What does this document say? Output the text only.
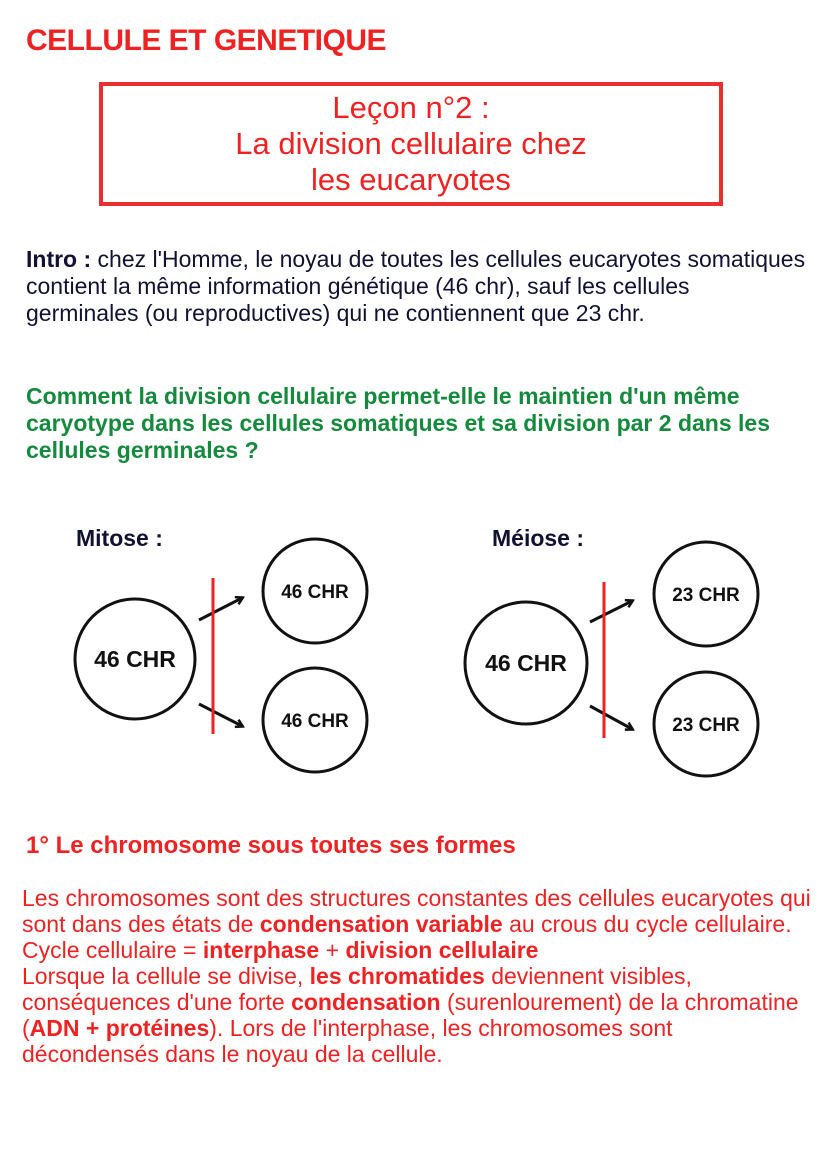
CELLULE ET GENETIQUE
Leçon n°2 :
La division cellulaire chez
les eucaryotes
Intro : chez l'Homme, le noyau de toutes les cellules eucaryotes somatiques contient la même information génétique (46 chr), sauf les cellules germinales (ou reproductives) qui ne contiennent que 23 chr.
Comment la division cellulaire permet-elle le maintien d'un même caryotype dans les cellules somatiques et sa division par 2 dans les cellules germinales ?
Mitose :
46 CHR
46 CHR
46 CHR
Méiose :
46 CHR
23 CHR
23 CHR
1° Le chromosome sous toutes ses formes

Les chromosomes sont des structures constantes des cellules eucaryotes qui sont dans des états de condensation variable au crous du cycle cellulaire.

Cycle cellulaire = interphase + division cellulaire

Lorsque la cellule se divise, les chromatides deviennent visibles, conséquences d'une forte condensation (surenlourement) de la chromatine (ADN + protéines). Lors de l'interphase, les chromosomes sont décondensés dans le noyau de la cellule.
